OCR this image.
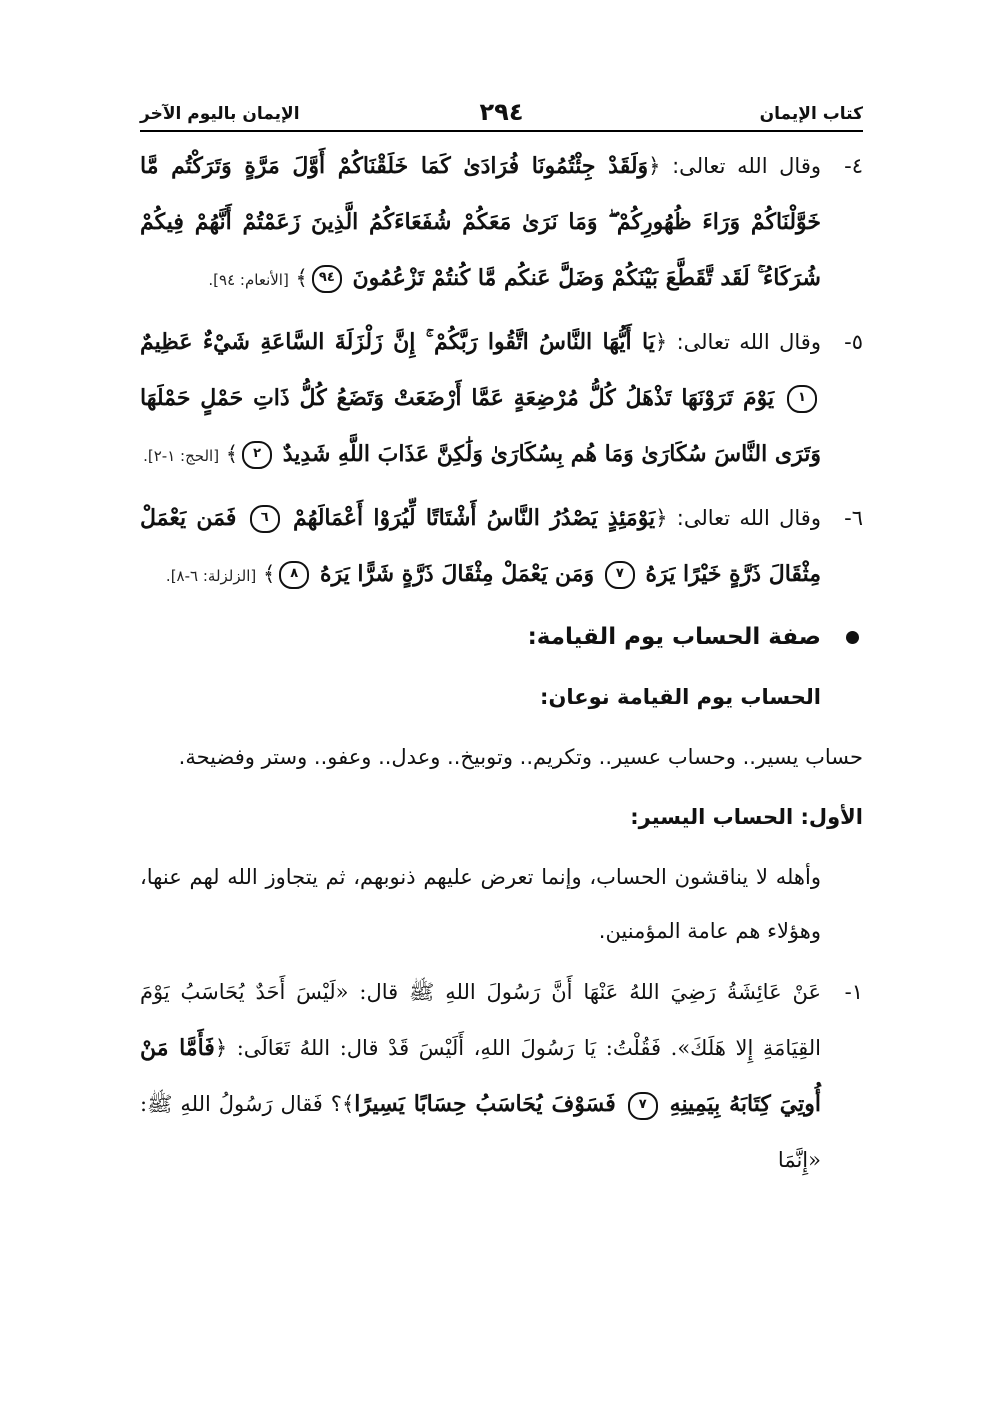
كتاب الإيمان
٢٩٤
الإيمان باليوم الآخر
٤-
وقال الله تعالى: ﴿وَلَقَدْ جِئْتُمُونَا فُرَادَىٰ كَمَا خَلَقْنَاكُمْ أَوَّلَ مَرَّةٍ وَتَرَكْتُم مَّا خَوَّلْنَاكُمْ وَرَاءَ ظُهُورِكُمْ ۖ وَمَا نَرَىٰ مَعَكُمْ شُفَعَاءَكُمُ الَّذِينَ زَعَمْتُمْ أَنَّهُمْ فِيكُمْ شُرَكَاءُ ۚ لَقَد تَّقَطَّعَ بَيْنَكُمْ وَضَلَّ عَنكُم مَّا كُنتُمْ تَزْعُمُونَ ٩٤﴾ [الأنعام: ٩٤].
٥-
وقال الله تعالى: ﴿يَا أَيُّهَا النَّاسُ اتَّقُوا رَبَّكُمْ ۚ إِنَّ زَلْزَلَةَ السَّاعَةِ شَيْءٌ عَظِيمٌ ١ يَوْمَ تَرَوْنَهَا تَذْهَلُ كُلُّ مُرْضِعَةٍ عَمَّا أَرْضَعَتْ وَتَضَعُ كُلُّ ذَاتِ حَمْلٍ حَمْلَهَا وَتَرَى النَّاسَ سُكَارَىٰ وَمَا هُم بِسُكَارَىٰ وَلَٰكِنَّ عَذَابَ اللَّهِ شَدِيدٌ ٢﴾ [الحج: ١-٢].
٦-
وقال الله تعالى: ﴿يَوْمَئِذٍ يَصْدُرُ النَّاسُ أَشْتَاتًا لِّيُرَوْا أَعْمَالَهُمْ ٦ فَمَن يَعْمَلْ مِثْقَالَ ذَرَّةٍ خَيْرًا يَرَهُ ٧ وَمَن يَعْمَلْ مِثْقَالَ ذَرَّةٍ شَرًّا يَرَهُ ٨﴾ [الزلزلة: ٦-٨].
صفة الحساب يوم القيامة:
الحساب يوم القيامة نوعان:
حساب يسير.. وحساب عسير.. وتكريم.. وتوبيخ.. وعدل.. وعفو.. وستر وفضيحة.
الأول: الحساب اليسير:
وأهله لا يناقشون الحساب، وإنما تعرض عليهم ذنوبهم، ثم يتجاوز الله لهم عنها، وهؤلاء هم عامة المؤمنين.
١-
عَنْ عَائِشَةُ رَضِيَ اللهُ عَنْهَا أَنَّ رَسُولَ اللهِ ﷺ قال: «لَيْسَ أَحَدٌ يُحَاسَبُ يَوْمَ القِيَامَةِ إِلا هَلَكَ». فَقُلْتُ: يَا رَسُولَ اللهِ، أَلَيْسَ قَدْ قال: اللهُ تَعَالَى: ﴿فَأَمَّا مَنْ أُوتِيَ كِتَابَهُ بِيَمِينِهِ ٧ فَسَوْفَ يُحَاسَبُ حِسَابًا يَسِيرًا﴾؟ فَقال رَسُولُ اللهِ ﷺ: «إِنَّمَا
